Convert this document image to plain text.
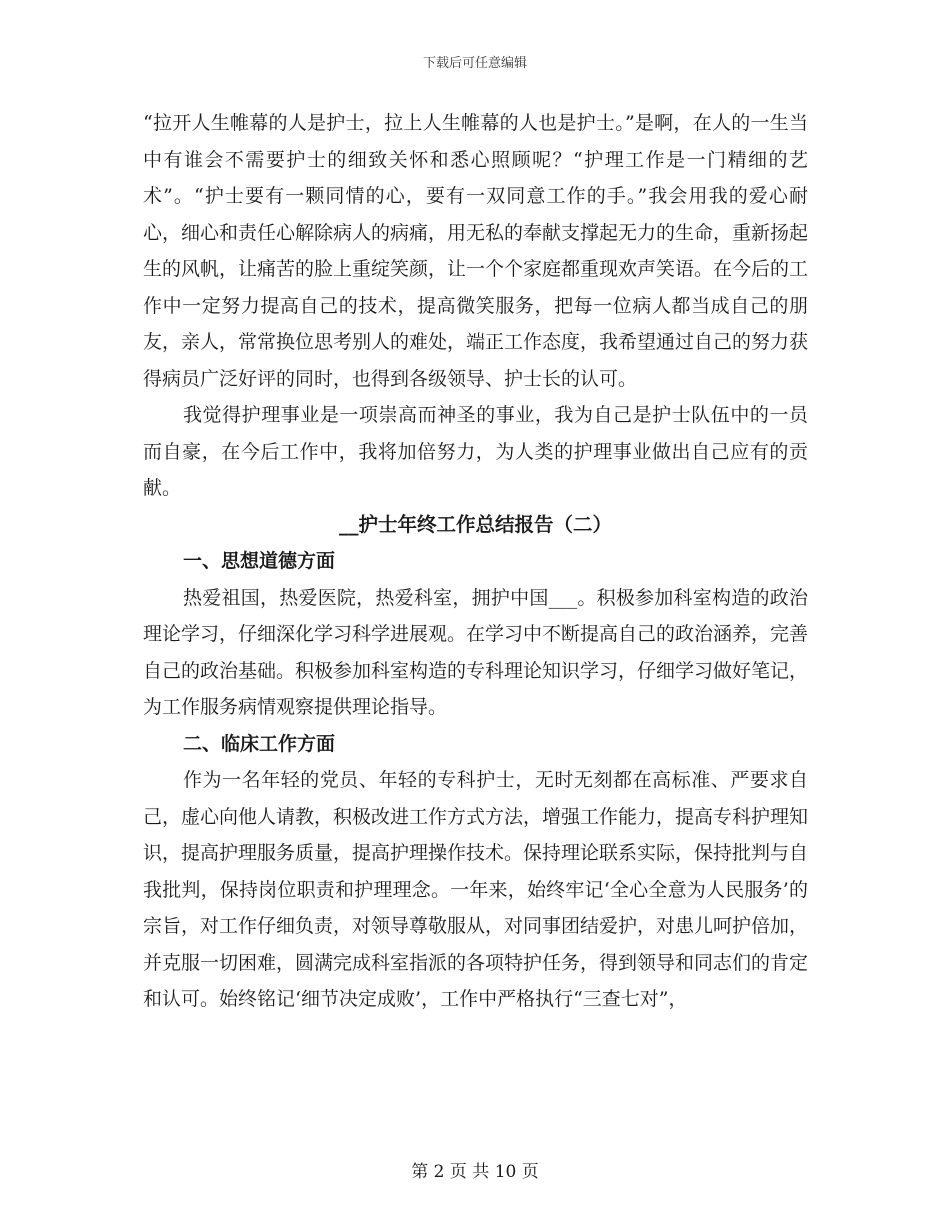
下载后可任意编辑

“拉开人生帷幕的人是护士，拉上人生帷幕的人也是护士。”是啊，在人的一生当中有谁会不需要护士的细致关怀和悉心照顾呢？“护理工作是一门精细的艺术”。“护士要有一颗同情的心，要有一双同意工作的手。”我会用我的爱心耐心，细心和责任心解除病人的病痛，用无私的奉献支撑起无力的生命，重新扬起生的风帆，让痛苦的脸上重绽笑颜，让一个个家庭都重现欢声笑语。在今后的工作中一定努力提高自己的技术，提高微笑服务，把每一位病人都当成自己的朋友，亲人，常常换位思考别人的难处，端正工作态度，我希望通过自己的努力获得病员广泛好评的同时，也得到各级领导、护士长的认可。

我觉得护理事业是一项崇高而神圣的事业，我为自己是护士队伍中的一员而自豪，在今后工作中，我将加倍努力，为人类的护理事业做出自己应有的贡献。

__护士年终工作总结报告（二）

一、思想道德方面

热爱祖国，热爱医院，热爱科室，拥护中国___。积极参加科室构造的政治理论学习，仔细深化学习科学进展观。在学习中不断提高自己的政治涵养，完善自己的政治基础。积极参加科室构造的专科理论知识学习，仔细学习做好笔记，为工作服务病情观察提供理论指导。

二、临床工作方面

作为一名年轻的党员、年轻的专科护士，无时无刻都在高标准、严要求自己，虚心向他人请教，积极改进工作方式方法，增强工作能力，提高专科护理知识，提高护理服务质量，提高护理操作技术。保持理论联系实际，保持批判与自我批判，保持岗位职责和护理理念。一年来，始终牢记‘全心全意为人民服务’的宗旨，对工作仔细负责，对领导尊敬服从，对同事团结爱护，对患儿呵护倍加，并克服一切困难，圆满完成科室指派的各项特护任务，得到领导和同志们的肯定和认可。始终铭记‘细节决定成败’，工作中严格执行“三查七对”，

第 2 页 共 10 页
